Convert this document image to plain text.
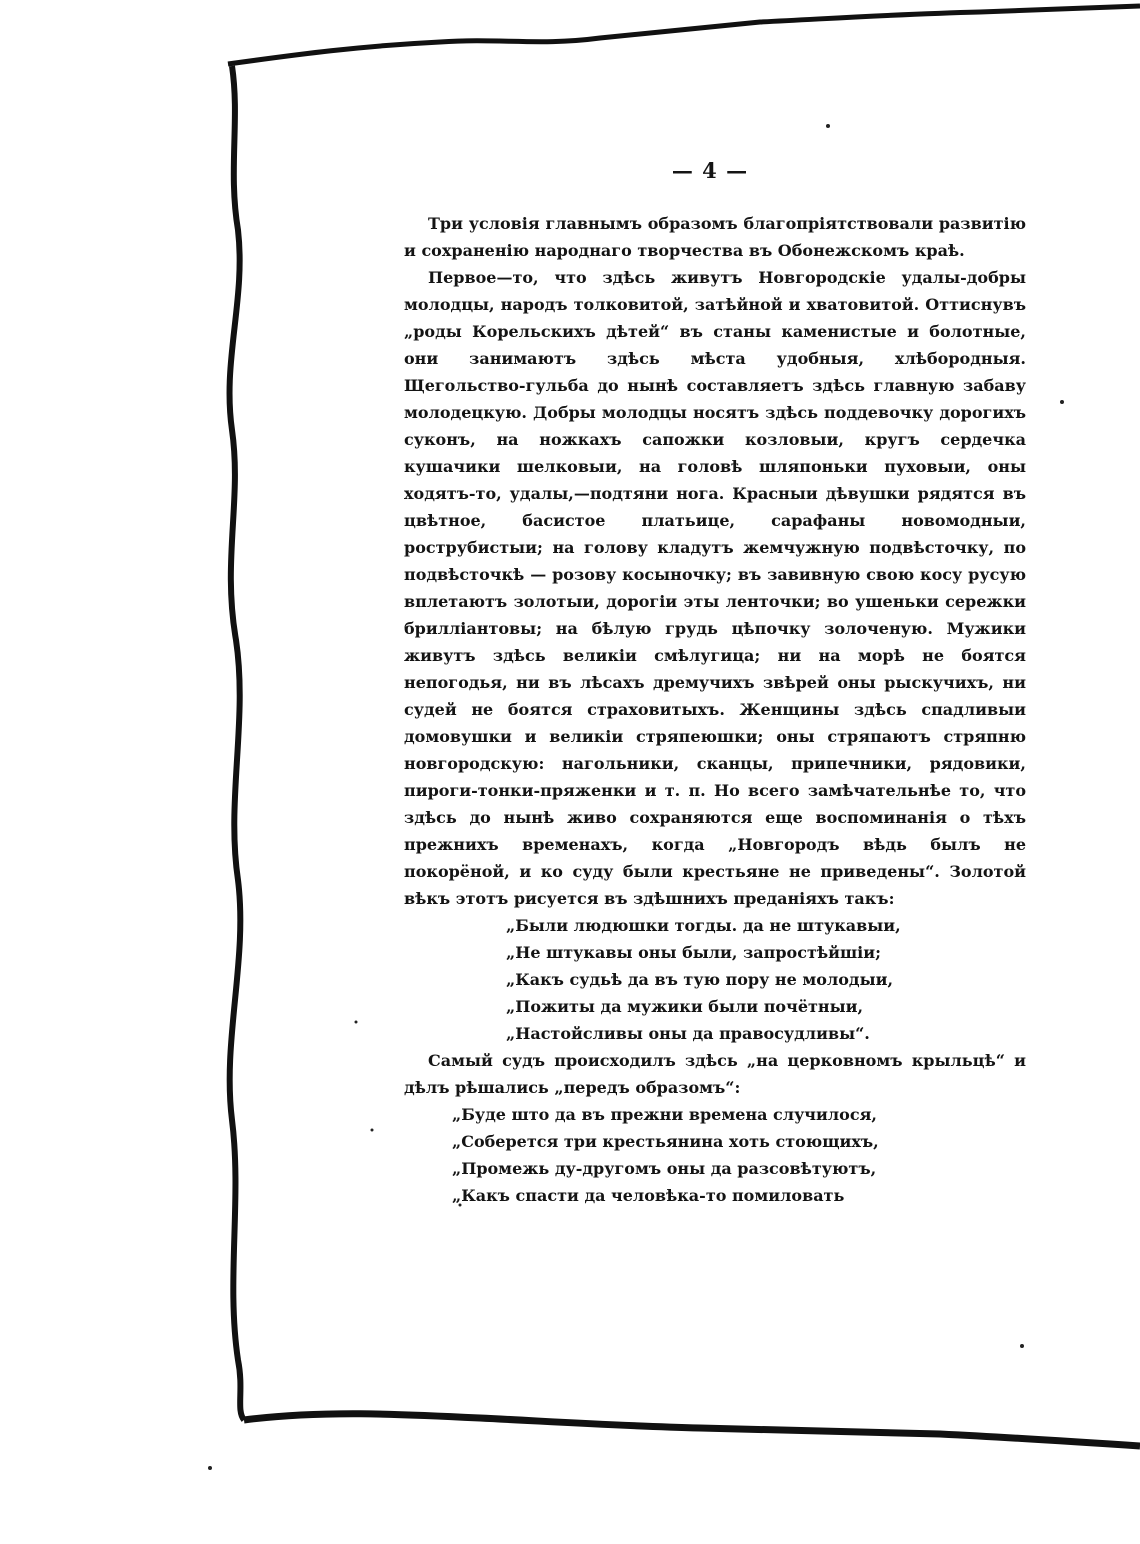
— 4 —

Три условія главнымъ образомъ благопріятствовали развитію и сохраненію народнаго творчества въ Обонежскомъ краѣ.

Первое—то, что здѣсь живутъ Новгородскіе удалы-добры молодцы, народъ толковитой, затѣйной и хватовитой. Оттиснувъ „роды Корельскихъ дѣтей“ въ станы каменистые и болотные, они занимаютъ здѣсь мѣста удобныя, хлѣбородныя. Щегольство-гульба до нынѣ составляетъ здѣсь главную забаву молодецкую. Добры молодцы носятъ здѣсь поддевочку дорогихъ суконъ, на ножкахъ сапожки козловыи, кругъ сердечка кушачики шелковыи, на головѣ шляпоньки пуховыи, оны ходятъ-то, удалы,—подтяни нога. Красныи дѣвушки рядятся въ цвѣтное, басистое платьице, сарафаны новомодныи, рострубистыи; на голову кладутъ жемчужную подвѣсточку, по подвѣсточкѣ — розову косыночку; въ завивную свою косу русую вплетаютъ золотыи, дорогіи эты ленточки; во ушеньки сережки бриллiантовы; на бѣлую грудь цѣпочку золоченую. Мужики живутъ здѣсь великіи смѣлугица; ни на морѣ не боятся непогодья, ни въ лѣсахъ дремучихъ звѣрей оны рыскучихъ, ни судей не боятся страховитыхъ. Женщины здѣсь спадливыи домовушки и великіи стряпеюшки; оны стряпаютъ стряпню новгородскую: нагольники, сканцы, припечники, рядовики, пироги-тонки-пряженки и т. п. Но всего замѣчательнѣе то, что здѣсь до нынѣ живо сохраняются еще воспоминанія о тѣхъ прежнихъ временахъ, когда „Новгородъ вѣдь былъ не покорёной, и ко суду были крестьяне не приведены“. Золотой вѣкъ этотъ рисуется въ здѣшнихъ преданіяхъ такъ:

„Были людюшки тогды. да не штукавыи,
„Не штукавы оны были, запростѣйшіи;
„Какъ судьѣ да въ тую пору не молодыи,
„Пожиты да мужики были почётныи,
„Настойсливы оны да правосудливы“.

Самый судъ происходилъ здѣсь „на церковномъ крыльцѣ“ и дѣлъ рѣшались „передъ образомъ“:

„Буде што да въ прежни времена случилося,
„Соберется три крестьянина хоть стоющихъ,
„Промежь ду-другомъ оны да разсовѣтуютъ,
„Какъ спасти да человѣка-то помиловать
